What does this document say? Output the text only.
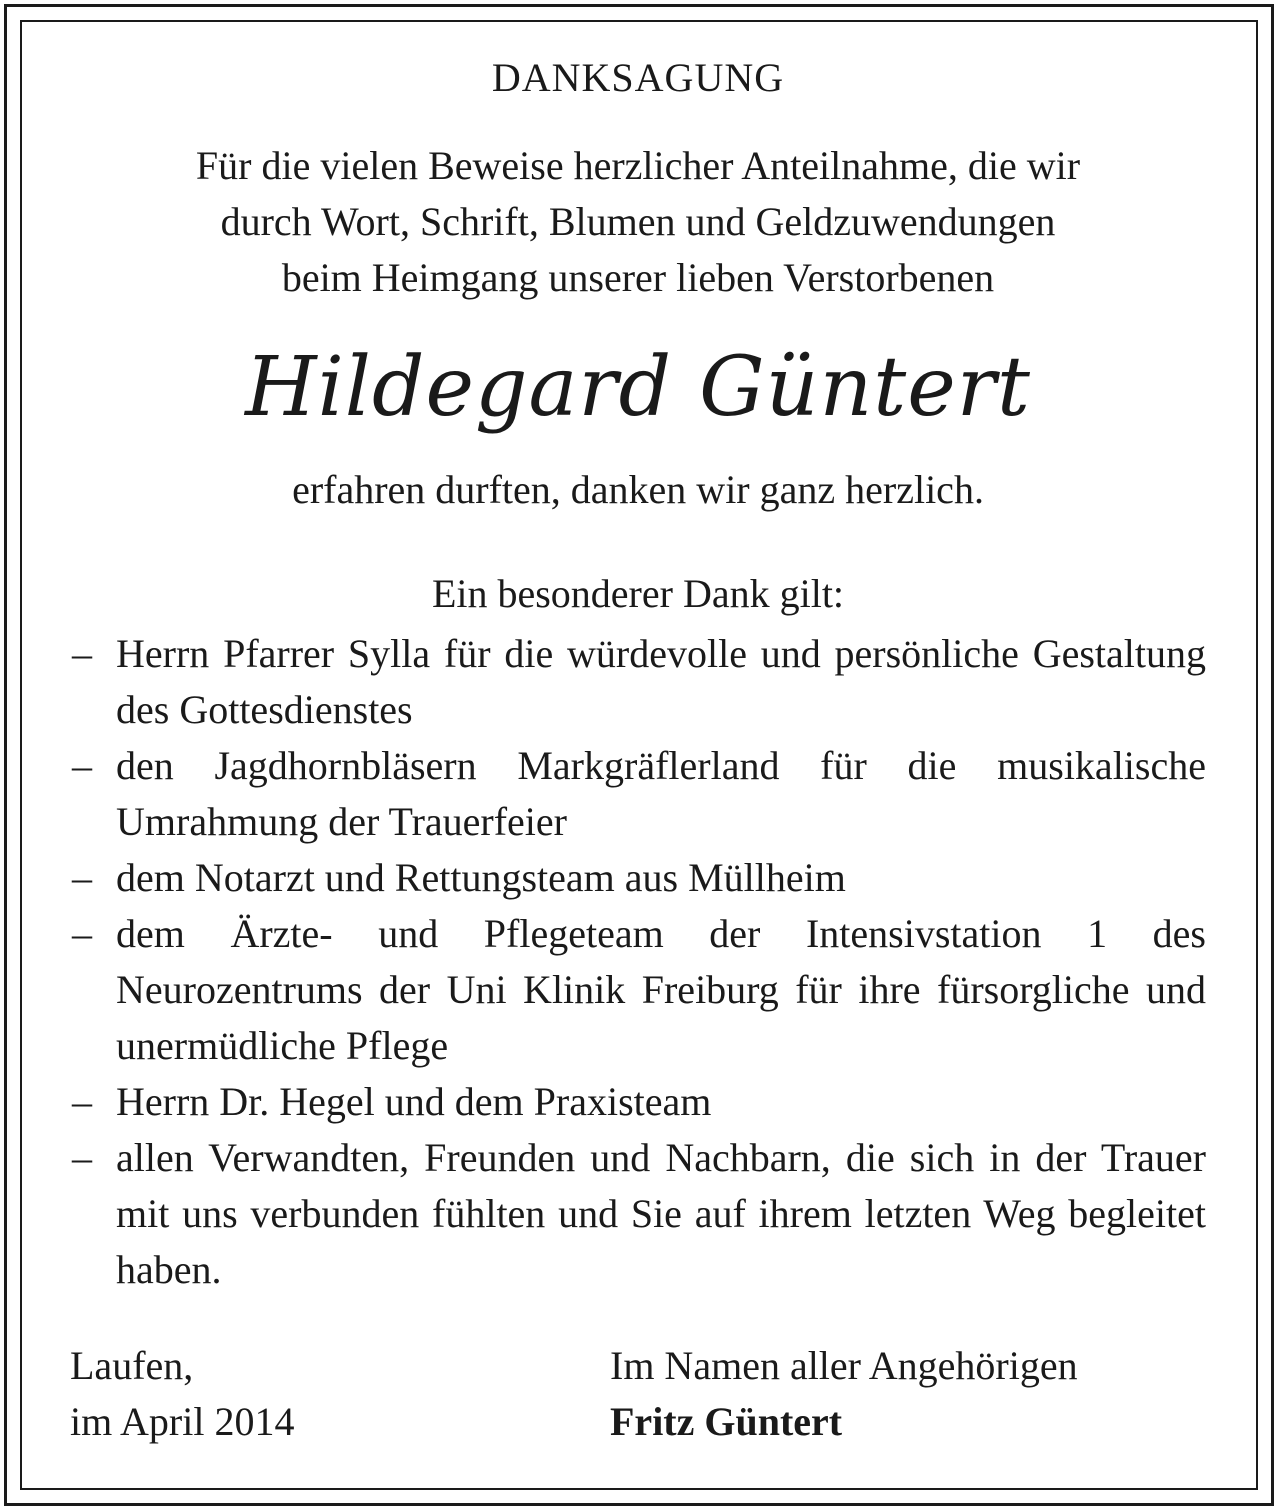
DANKSAGUNG
Für die vielen Beweise herzlicher Anteilnahme, die wir
durch Wort, Schrift, Blumen und Geldzuwendungen
beim Heimgang unserer lieben Verstorbenen
Hildegard Güntert
erfahren durften, danken wir ganz herzlich.
Ein besonderer Dank gilt:
– Herrn Pfarrer Sylla für die würdevolle und persönliche Gestaltung des Gottesdienstes
– den Jagdhornbläsern Markgräflerland für die musikalische Umrahmung der Trauerfeier
– dem Notarzt und Rettungsteam aus Müllheim
– dem Ärzte- und Pflegeteam der Intensivstation 1 des Neurozentrums der Uni Klinik Freiburg für ihre fürsorgliche und unermüdliche Pflege
– Herrn Dr. Hegel und dem Praxisteam
– allen Verwandten, Freunden und Nachbarn, die sich in der Trauer mit uns verbunden fühlten und Sie auf ihrem letzten Weg begleitet haben.
Laufen,
im April 2014
Im Namen aller Angehörigen
Fritz Güntert
